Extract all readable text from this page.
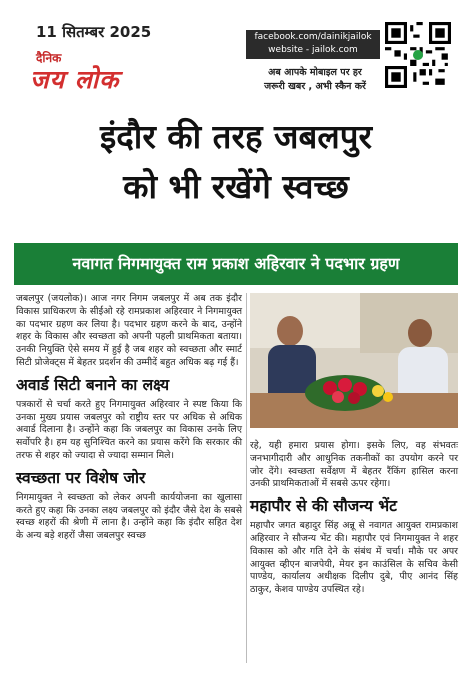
11 सितम्बर 2025
दैनिक
जय लोक
facebook.com/dainikjailok
website - jailok.com
अब आपके मोबाइल पर हर
जरूरी खबर , अभी स्कैन करें
इंदौर की तरह जबलपुर
को भी रखेंगे स्वच्छ
नवागत निगमायुक्त राम प्रकाश अहिरवार ने पदभार ग्रहण

जबलपुर (जयलोक)। आज नगर निगम जबलपुर में अब तक इंदौर विकास प्राधिकरण के सीईओ रहे रामप्रकाश अहिरवार ने निगमायुक्त का पदभार ग्रहण कर लिया है। पदभार ग्रहण करने के बाद, उन्होंने शहर के विकास और स्वच्छता को अपनी पहली प्राथमिकता बताया। उनकी नियुक्ति ऐसे समय में हुई है जब शहर को स्वच्छता और स्मार्ट सिटी प्रोजेक्ट्स में बेहतर प्रदर्शन की उम्मीदें बहुत अधिक बढ़ गई हैं।

अवार्ड सिटी बनाने का लक्ष्य

पत्रकारों से चर्चा करते हुए निगमायुक्त अहिरवार ने स्पष्ट किया कि उनका मुख्य प्रयास जबलपुर को राष्ट्रीय स्तर पर अधिक से अधिक अवार्ड दिलाना है। उन्होंने कहा कि जबलपुर का विकास उनके लिए सर्वोपरि है। हम यह सुनिश्चित करने का प्रयास करेंगे कि सरकार की तरफ से शहर को ज्यादा से ज्यादा सम्मान मिले।

स्वच्छता पर विशेष जोर

निगमायुक्त ने स्वच्छता को लेकर अपनी कार्ययोजना का खुलासा करते हुए कहा कि उनका लक्ष्य जबलपुर को इंदौर जैसे देश के सबसे स्वच्छ शहरों की श्रेणी में लाना है। उन्होंने कहा कि इंदौर सहित देश के अन्य बड़े शहरों जैसा जबलपुर स्वच्छ

रहे, यही हमारा प्रयास होगा। इसके लिए, वह संभवतः जनभागीदारी और आधुनिक तकनीकों का उपयोग करने पर जोर देंगे। स्वच्छता सर्वेक्षण में बेहतर रैंकिंग हासिल करना उनकी प्राथमिकताओं में सबसे ऊपर रहेगा।

महापौर से की सौजन्य भेंट

महापौर जगत बहादुर सिंह अन्नू से नवागत आयुक्त रामप्रकाश अहिरवार ने सौजन्य भेंट की। महापौर एवं निगमायुक्त ने शहर विकास को और गति देने के संबंध में चर्चा। मौके पर अपर आयुक्त व्हीएन बाजपेयी, मेयर इन काउंसिल के सचिव केसी पाण्डेय, कार्यालय अधीक्षक दिलीप दुबे, पीए आनंद सिंह ठाकुर, केशव पाण्डेय उपस्थित रहे।
